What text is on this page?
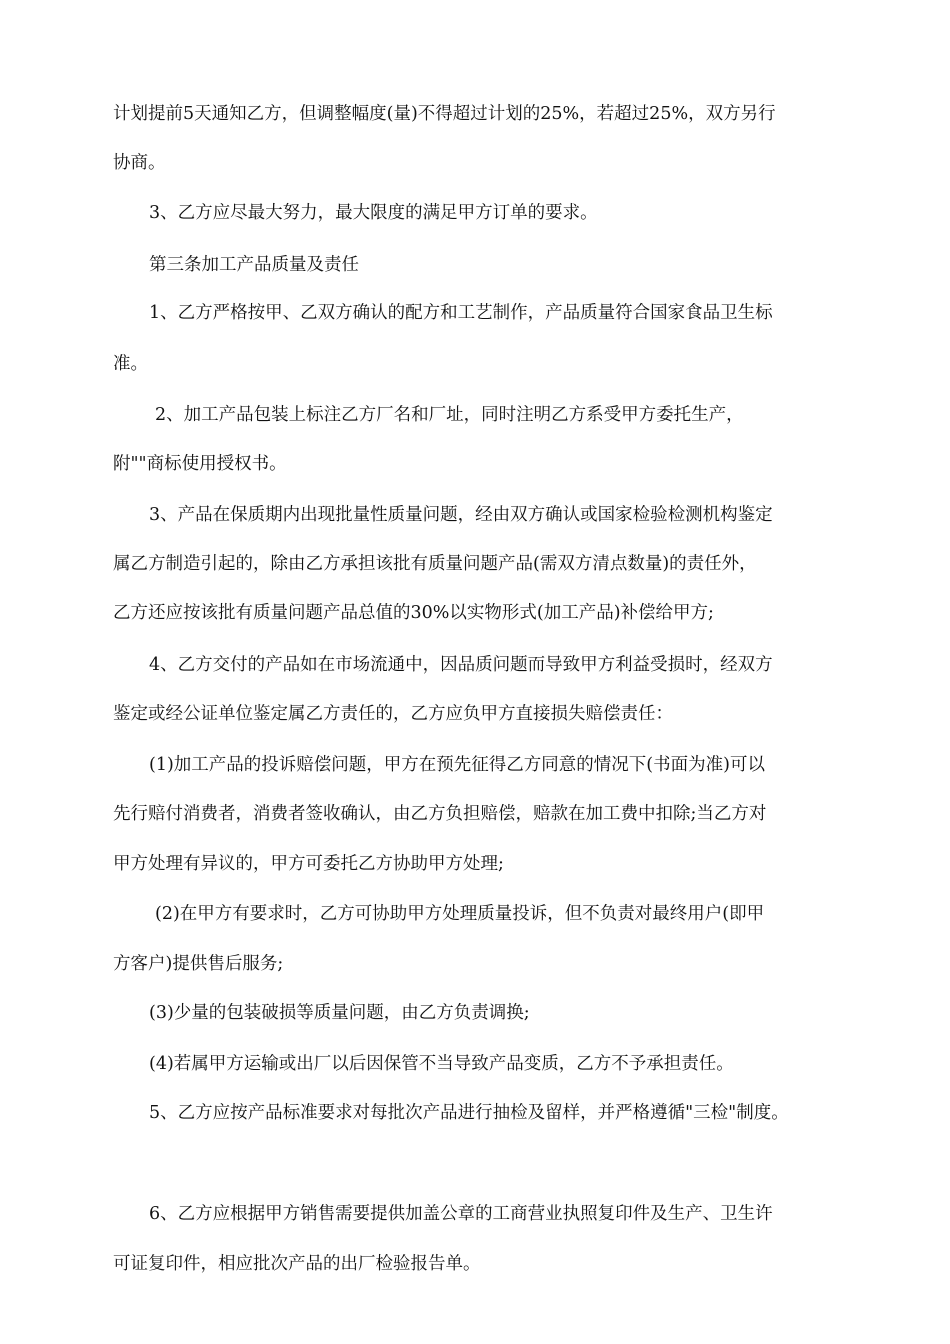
计划提前5天通知乙方，但调整幅度(量)不得超过计划的25%，若超过25%，双方另行
协商。
3、乙方应尽最大努力，最大限度的满足甲方订单的要求。
第三条加工产品质量及责任
1、乙方严格按甲、乙双方确认的配方和工艺制作，产品质量符合国家食品卫生标
准。
2、加工产品包装上标注乙方厂名和厂址，同时注明乙方系受甲方委托生产，
附""商标使用授权书。
3、产品在保质期内出现批量性质量问题，经由双方确认或国家检验检测机构鉴定
属乙方制造引起的，除由乙方承担该批有质量问题产品(需双方清点数量)的责任外，
乙方还应按该批有质量问题产品总值的30%以实物形式(加工产品)补偿给甲方;
4、乙方交付的产品如在市场流通中，因品质问题而导致甲方利益受损时，经双方
鉴定或经公证单位鉴定属乙方责任的，乙方应负甲方直接损失赔偿责任：
(1)加工产品的投诉赔偿问题，甲方在预先征得乙方同意的情况下(书面为准)可以
先行赔付消费者，消费者签收确认，由乙方负担赔偿，赔款在加工费中扣除;当乙方对
甲方处理有异议的，甲方可委托乙方协助甲方处理;
(2)在甲方有要求时，乙方可协助甲方处理质量投诉，但不负责对最终用户(即甲
方客户)提供售后服务;
(3)少量的包装破损等质量问题，由乙方负责调换;
(4)若属甲方运输或出厂以后因保管不当导致产品变质，乙方不予承担责任。
5、乙方应按产品标准要求对每批次产品进行抽检及留样，并严格遵循"三检"制度。
6、乙方应根据甲方销售需要提供加盖公章的工商营业执照复印件及生产、卫生许
可证复印件，相应批次产品的出厂检验报告单。
